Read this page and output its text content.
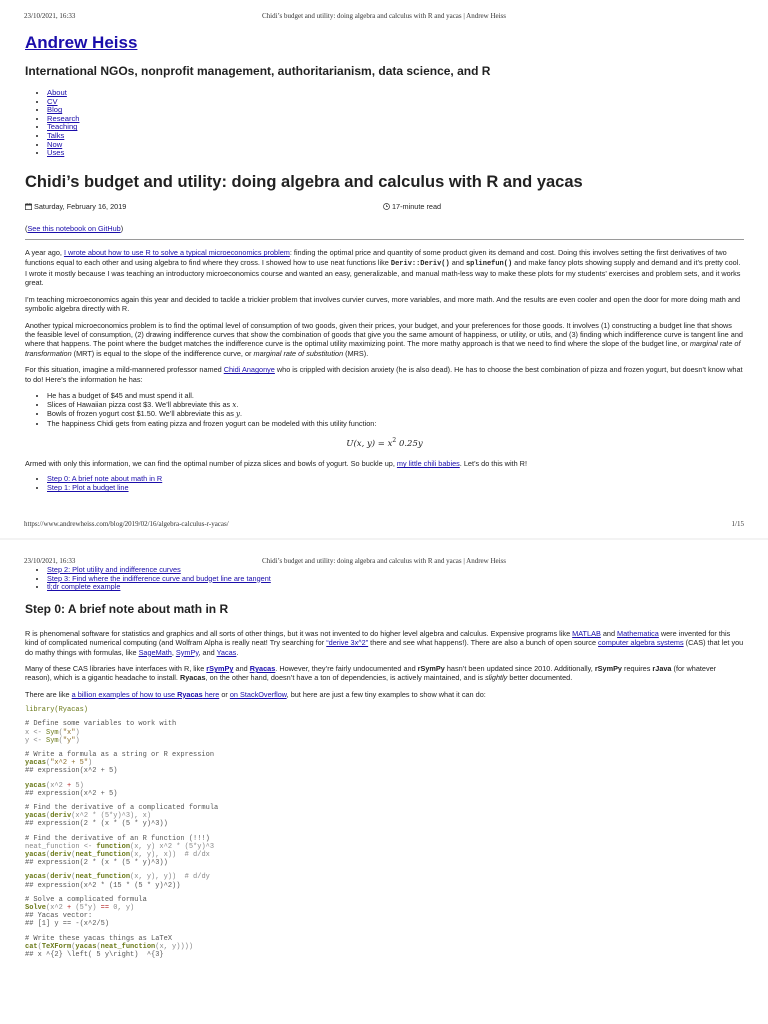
23/10/2021, 16:33	Chidi’s budget and utility: doing algebra and calculus with R and yacas | Andrew Heiss
Andrew Heiss
International NGOs, nonprofit management, authoritarianism, data science, and R
• About
• CV
• Blog
• Research
• Teaching
• Talks
• Now
• Uses
Chidi’s budget and utility: doing algebra and calculus with R and yacas
Saturday, February 16, 2019	17-minute read
(See this notebook on GitHub)

A year ago, I wrote about how to use R to solve a typical microeconomics problem: finding the optimal price and quantity of some product given its demand and cost. Doing this involves setting the first derivatives of two functions equal to each other and using algebra to find where they cross. I showed how to use neat functions like Deriv::Deriv() and splinefun() and make fancy plots showing supply and demand and it’s pretty cool. I wrote it mostly because I was teaching an introductory microeconomics course and wanted an easy, generalizable, and manual math-less way to make these plots for my students’ exercises and problem sets, and it works great.

I’m teaching microeconomics again this year and decided to tackle a trickier problem that involves curvier curves, more variables, and more math. And the results are even cooler and open the door for more doing math and symbolic algebra directly with R.

Another typical microeconomics problem is to find the optimal level of consumption of two goods, given their prices, your budget, and your preferences for those goods. It involves (1) constructing a budget line that shows the feasible level of consumption, (2) drawing indifference curves that show the combination of goods that give you the same amount of happiness, or utility, or utils, and (3) finding which indifference curve is tangent line and where that happens. The point where the budget matches the indifference curve is the optimal utility maximizing point. The more mathy approach is that we need to find where the slope of the budget line, or marginal rate of transformation (MRT) is equal to the slope of the indifference curve, or marginal rate of substitution (MRS).

For this situation, imagine a mild-mannered professor named Chidi Anagonye who is crippled with decision anxiety (he is also dead). He has to choose the best combination of pizza and frozen yogurt, but doesn’t know what to do! Here’s the information he has:

• He has a budget of $45 and must spend it all.
• Slices of Hawaiian pizza cost $3. We’ll abbreviate this as x.
• Bowls of frozen yogurt cost $1.50. We’ll abbreviate this as y.
• The happiness Chidi gets from eating pizza and frozen yogurt can be modeled with this utility function:
U(x, $y) = x^2$ 0.25y

Armed with only this information, we can find the optimal number of pizza slices and bowls of yogurt. So buckle up, my little chili babies. Let’s do this with R!

• Step 0: A brief note about math in R
• Step 1: Plot a budget line
https://www.andrewheiss.com/blog/2019/02/16/algebra-calculus-r-yacas/	1/15
23/10/2021, 16:33	Chidi’s budget and utility: doing algebra and calculus with R and yacas | Andrew Heiss
• Step 2: Plot utility and indifference curves
• Step 3: Find where the indifference curve and budget line are tangent
• tl;dr complete example
Step 0: A brief note about math in R

R is phenomenal software for statistics and graphics and all sorts of other things, but it was not invented to do higher level algebra and calculus. Expensive programs like MATLAB and Mathematica were invented for this kind of complicated numerical computing (and Wolfram Alpha is really neat! Try searching for “derive 3x^2” there and see what happens!). There are also a bunch of open source computer algebra systems (CAS) that let you do mathy things with formulas, like SageMath, SymPy, and Yacas.

Many of these CAS libraries have interfaces with R, like rSymPy and Ryacas. However, they’re fairly undocumented and rSymPy hasn’t been updated since 2010. Additionally, rSymPy requires rJava (for whatever reason), which is a gigantic headache to install. Ryacas, on the other hand, doesn’t have a ton of dependencies, is actively maintained, and is slightly better documented.

There are like a billion examples of how to use Ryacas here or on StackOverflow, but here are just a few tiny examples to show what it can do:

library(Ryacas)
# Define some variables to work with
x <- Sym("x")
y <- Sym("y")
# Write a formula as a string or R expression
yacas("x^2 + 5")
## expression(x^2 + 5)
yacas(x^2 + 5)
## expression(x^2 + 5)
# Find the derivative of a complicated formula
yacas(deriv(x^2 * (5*y)^3), x)
## expression(2 * (x * (5 * y)^3))
# Find the derivative of an R function (!!!)
neat_function <- function(x, y) x^2 * (5*y)^3
yacas(deriv(neat_function(x, y), x))  # d/dx
## expression(2 * (x * (5 * y)^3))
yacas(deriv(neat_function(x, y), y))  # d/dy
## expression(x^2 * (15 * (5 * y)^2))
# Solve a complicated formula
Solve(x^2 + (5*y) == 0, y)
## Yacas vector:
## [1] y == -(x^2/5)
# Write these yacas things as LaTeX
cat(TeXForm(yacas(neat_function(x, y))))
## x ^{2} \left( 5 y\right)  ^{3}
